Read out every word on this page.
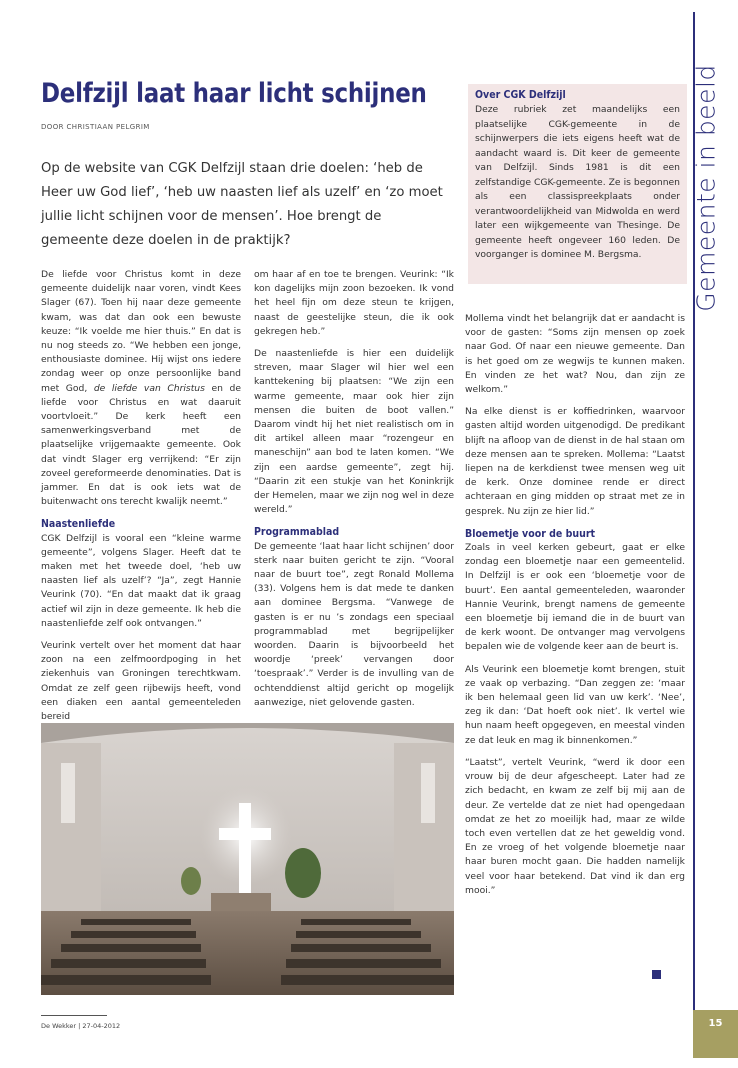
Gemeente in beeld
Delfzijl laat haar licht schijnen
DOOR CHRISTIAAN PELGRIM
Over CGK Delfzijl

Deze rubriek zet maandelijks een plaatselijke CGK-gemeente in de schijnwerpers die iets eigens heeft wat de aandacht waard is. Dit keer de gemeente van Delfzijl. Sinds 1981 is dit een zelfstandige CGK-gemeente. Ze is begonnen als een classispreekplaats onder verantwoordelijkheid van Midwolda en werd later een wijkgemeente van Thesinge. De gemeente heeft ongeveer 160 leden. De voorganger is dominee M. Bergsma.

Op de website van CGK Delfzijl staan drie doelen: ‘heb de Heer uw God lief’, ‘heb uw naasten lief als uzelf’ en ‘zo moet jullie licht schijnen voor de mensen’. Hoe brengt de gemeente deze doelen in de praktijk?

De liefde voor Christus komt in deze gemeente duidelijk naar voren, vindt Kees Slager (67). Toen hij naar deze gemeente kwam, was dat dan ook een bewuste keuze: “Ik voelde me hier thuis.” En dat is nu nog steeds zo. “We hebben een jonge, enthousiaste dominee. Hij wijst ons iedere zondag weer op onze persoonlijke band met God, de liefde van Christus en de liefde voor Christus en wat daaruit voortvloeit.” De kerk heeft een samenwerkingsverband met de plaatselijke vrijgemaakte gemeente. Ook dat vindt Slager erg verrijkend: “Er zijn zoveel gereformeerde denominaties. Dat is jammer. En dat is ook iets wat de buitenwacht ons terecht kwalijk neemt.”

Naastenliefde

CGK Delfzijl is vooral een “kleine warme gemeente”, volgens Slager. Heeft dat te maken met het tweede doel, ‘heb uw naasten lief als uzelf’? “Ja”, zegt Hannie Veurink (70). “En dat maakt dat ik graag actief wil zijn in deze gemeente. Ik heb die naastenliefde zelf ook ontvangen.”

Veurink vertelt over het moment dat haar zoon na een zelfmoordpoging in het ziekenhuis van Groningen terechtkwam. Omdat ze zelf geen rijbewijs heeft, vond een diaken een aantal gemeenteleden bereid

om haar af en toe te brengen. Veurink: “Ik kon dagelijks mijn zoon bezoeken. Ik vond het heel fijn om deze steun te krijgen, naast de geestelijke steun, die ik ook gekregen heb.”

De naastenliefde is hier een duidelijk streven, maar Slager wil hier wel een kanttekening bij plaatsen: “We zijn een warme gemeente, maar ook hier zijn mensen die buiten de boot vallen.” Daarom vindt hij het niet realistisch om in dit artikel alleen maar “rozengeur en maneschijn” aan bod te laten komen. “We zijn een aardse gemeente”, zegt hij. “Daarin zit een stukje van het Koninkrijk der Hemelen, maar we zijn nog wel in deze wereld.”

Programmablad

De gemeente ‘laat haar licht schijnen’ door sterk naar buiten gericht te zijn. “Vooral naar de buurt toe”, zegt Ronald Mollema (33). Volgens hem is dat mede te danken aan dominee Bergsma. “Vanwege de gasten is er nu ’s zondags een speciaal programmablad met begrijpelijker woorden. Daarin is bijvoorbeeld het woordje ‘preek’ vervangen door ‘toespraak’.” Verder is de invulling van de ochtenddienst altijd gericht op mogelijk aanwezige, niet gelovende gasten.

Mollema vindt het belangrijk dat er aandacht is voor de gasten: “Soms zijn mensen op zoek naar God. Of naar een nieuwe gemeente. Dan is het goed om ze wegwijs te kunnen maken. En vinden ze het wat? Nou, dan zijn ze welkom.”

Na elke dienst is er koffiedrinken, waarvoor gasten altijd worden uitgenodigd. De predikant blijft na afloop van de dienst in de hal staan om deze mensen aan te spreken. Mollema: “Laatst liepen na de kerkdienst twee mensen weg uit de kerk. Onze dominee rende er direct achteraan en ging midden op straat met ze in gesprek. Nu zijn ze hier lid.”

Bloemetje voor de buurt

Zoals in veel kerken gebeurt, gaat er elke zondag een bloemetje naar een gemeentelid. In Delfzijl is er ook een ‘bloemetje voor de buurt’. Een aantal gemeenteleden, waaronder Hannie Veurink, brengt namens de gemeente een bloemetje bij iemand die in de buurt van de kerk woont. De ontvanger mag vervolgens bepalen wie de volgende keer aan de beurt is.

Als Veurink een bloemetje komt brengen, stuit ze vaak op verbazing. “Dan zeggen ze: ‘maar ik ben helemaal geen lid van uw kerk’. ‘Nee’, zeg ik dan: ‘Dat hoeft ook niet’. Ik vertel wie hun naam heeft opgegeven, en meestal vinden ze dat leuk en mag ik binnenkomen.”

“Laatst”, vertelt Veurink, “werd ik door een vrouw bij de deur afgescheept. Later had ze zich bedacht, en kwam ze zelf bij mij aan de deur. Ze vertelde dat ze niet had opengedaan omdat ze het zo moeilijk had, maar ze wilde toch even vertellen dat ze het geweldig vond. En ze vroeg of het volgende bloemetje naar haar buren mocht gaan. Die hadden namelijk veel voor haar betekend. Dat vind ik dan erg mooi.”

De Wekker | 27-04-2012	15
